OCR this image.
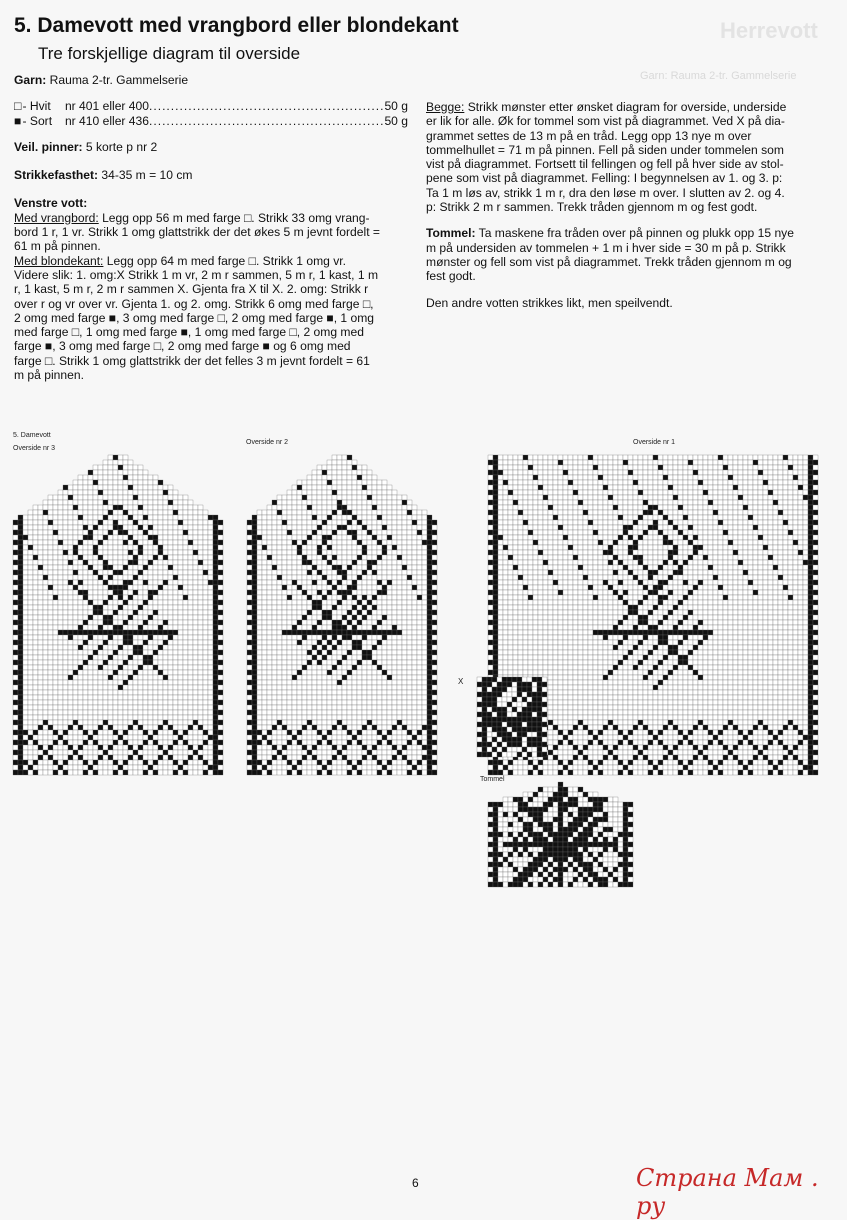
Herrevott
Garn: Rauma 2-tr. Gammelserie
5. Damevott med vrangbord eller blondekant
Tre forskjellige diagram til overside

Garn: Rauma 2-tr. Gammelserie

□ - Hvit	nr 401 eller 400 ...................................................... 50 g
■ - Sort	nr 410 eller 436 ...................................................... 50 g

Veil. pinner: 5 korte p nr 2

Strikkefasthet: 34-35 m = 10 cm

Venstre vott:
Med vrangbord: Legg opp 56 m med farge □. Strikk 33 omg vrang-
bord 1 r, 1 vr. Strikk 1 omg glattstrikk der det økes 5 m jevnt fordelt =
61 m på pinnen.
Med blondekant: Legg opp 64 m med farge □. Strikk 1 omg vr.
Videre slik: 1. omg:X Strikk 1 m vr, 2 m r sammen, 5 m r, 1 kast, 1 m
r, 1 kast, 5 m r, 2 m r sammen X. Gjenta fra X til X. 2. omg: Strikk r
over r og vr over vr. Gjenta 1. og 2. omg. Strikk 6 omg med farge □,
2 omg med farge ■, 3 omg med farge □, 2 omg med farge ■, 1 omg
med farge □, 1 omg med farge ■, 1 omg med farge □, 2 omg med
farge ■, 3 omg med farge □, 2 omg med farge ■ og 6 omg med
farge □. Strikk 1 omg glattstrikk der det felles 3 m jevnt fordelt = 61
m på pinnen.

Begge: Strikk mønster etter ønsket diagram for overside, underside
er lik for alle. Øk for tommel som vist på diagrammet. Ved X på dia-
grammet settes de 13 m på en tråd. Legg opp 13 nye m over
tommelhullet = 71 m på pinnen. Fell på siden under tommelen som
vist på diagrammet. Fortsett til fellingen og fell på hver side av stol-
pene som vist på diagrammet. Felling: I begynnelsen av 1. og 3. p:
Ta 1 m løs av, strikk 1 m r, dra den løse m over. I slutten av 2. og 4.
p: Strikk 2 m r sammen. Trekk tråden gjennom m og fest godt.

Tommel: Ta maskene fra tråden over på pinnen og plukk opp 15 nye
m på undersiden av tommelen + 1 m i hver side = 30 m på p. Strikk
mønster og fell som vist på diagrammet. Trekk tråden gjennom m og
fest godt.

Den andre votten strikkes likt, men speilvendt.

5. Damevott
Overside nr 3
Overside nr 2	Overside nr 1
Tommel
X
6	Страна Мам . ру
